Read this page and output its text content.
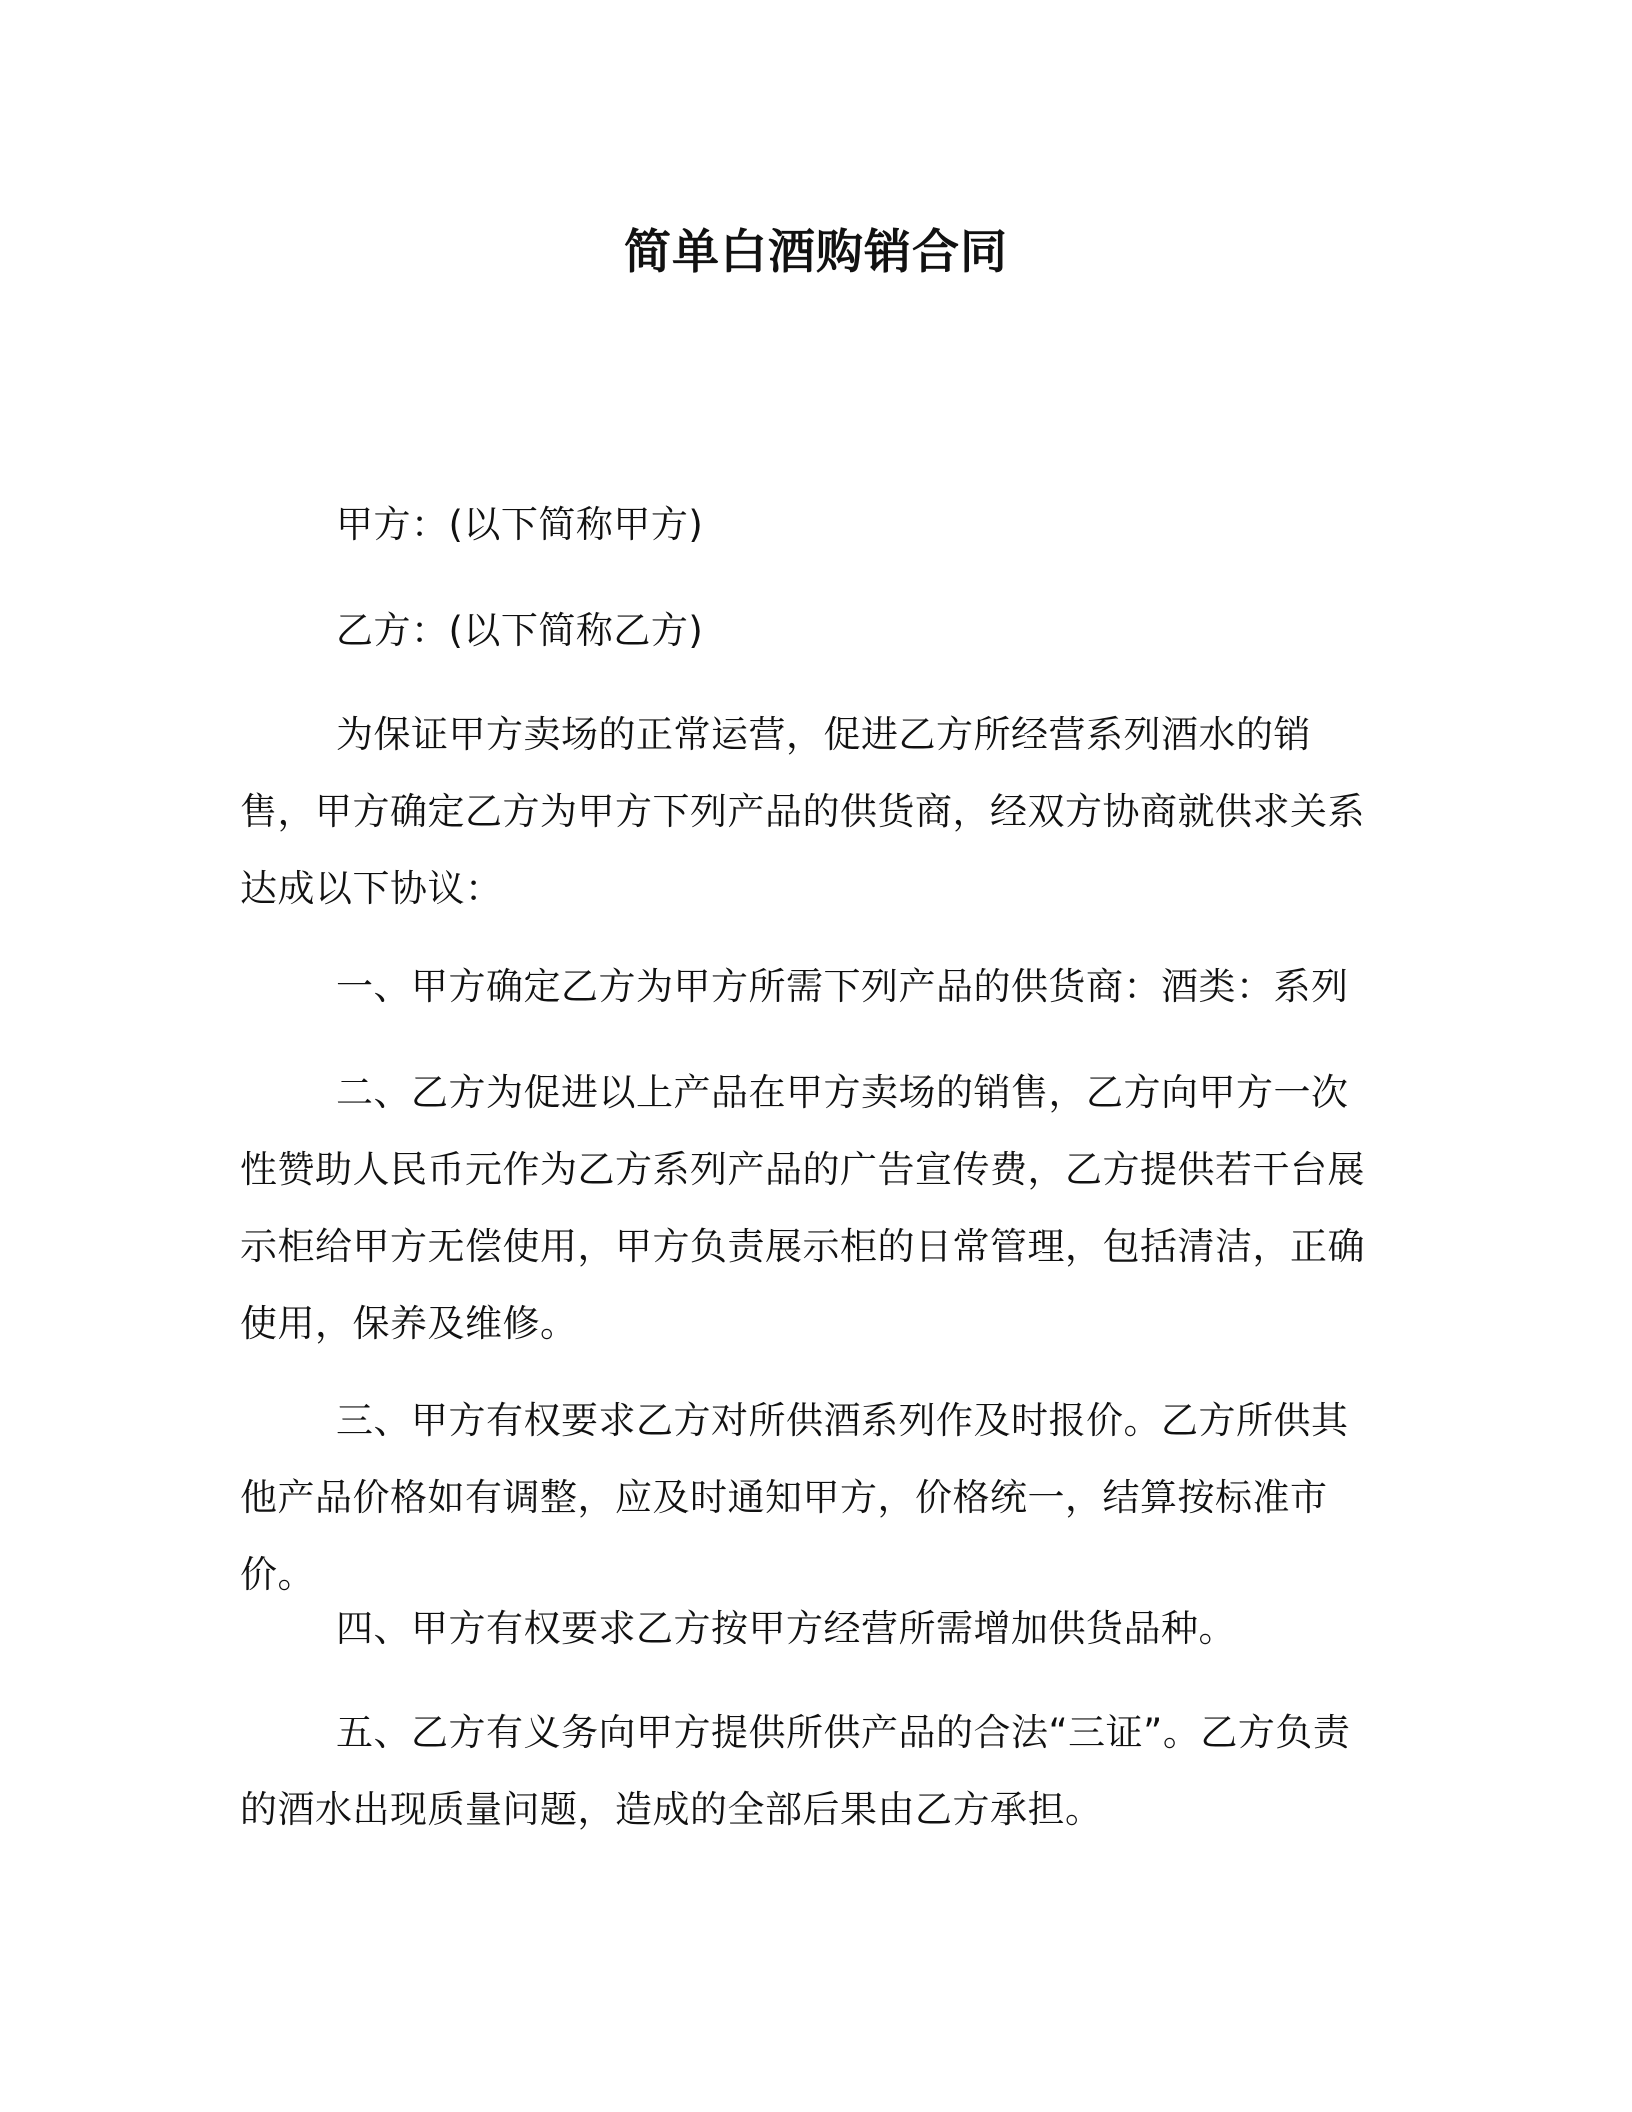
简单白酒购销合同

甲方：(以下简称甲方)

乙方：(以下简称乙方)

为保证甲方卖场的正常运营，促进乙方所经营系列酒水的销售，甲方确定乙方为甲方下列产品的供货商，经双方协商就供求关系达成以下协议：

一、甲方确定乙方为甲方所需下列产品的供货商：酒类：系列

二、乙方为促进以上产品在甲方卖场的销售，乙方向甲方一次性赞助人民币元作为乙方系列产品的广告宣传费，乙方提供若干台展示柜给甲方无偿使用，甲方负责展示柜的日常管理，包括清洁，正确使用，保养及维修。

三、甲方有权要求乙方对所供酒系列作及时报价。乙方所供其他产品价格如有调整，应及时通知甲方，价格统一，结算按标准市价。

四、甲方有权要求乙方按甲方经营所需增加供货品种。

五、乙方有义务向甲方提供所供产品的合法“三证”。乙方负责的酒水出现质量问题，造成的全部后果由乙方承担。
